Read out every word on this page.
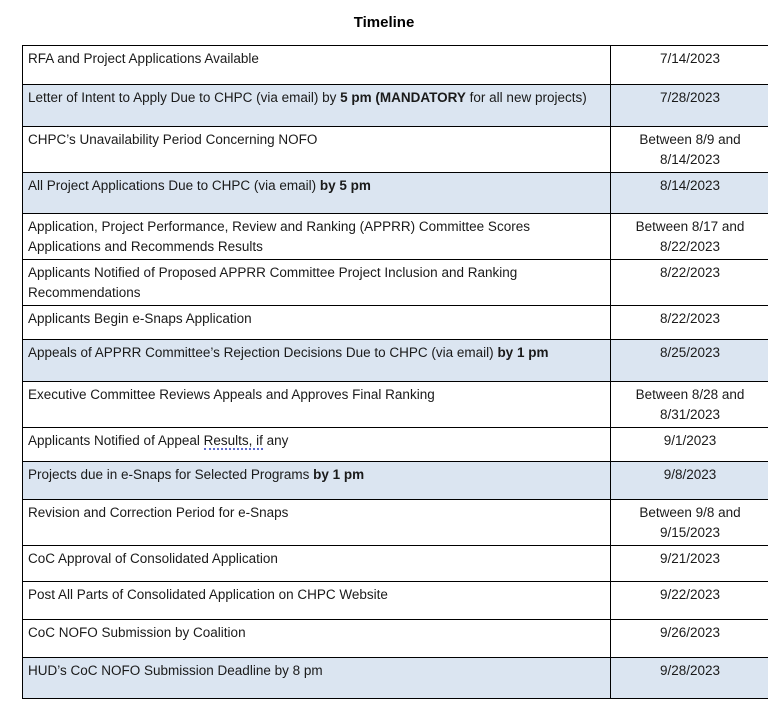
Timeline
RFA and Project Applications Available	7/14/2023

Letter of Intent to Apply Due to CHPC (via email) by 5 pm (MANDATORY for all new projects)	7/28/2023

CHPC’s Unavailability Period Concerning NOFO	Between 8/9 and
8/14/2023

All Project Applications Due to CHPC (via email) by 5 pm	8/14/2023

Application, Project Performance, Review and Ranking (APPRR) Committee Scores Applications and Recommends Results	Between 8/17 and
8/22/2023

Applicants Notified of Proposed APPRR Committee Project Inclusion and Ranking Recommendations	8/22/2023

Applicants Begin e-Snaps Application	8/22/2023

Appeals of APPRR Committee’s Rejection Decisions Due to CHPC (via email) by 1 pm	8/25/2023

Executive Committee Reviews Appeals and Approves Final Ranking	Between 8/28 and
8/31/2023

Applicants Notified of Appeal Results, if any	9/1/2023

Projects due in e-Snaps for Selected Programs by 1 pm	9/8/2023

Revision and Correction Period for e-Snaps	Between 9/8 and
9/15/2023

CoC Approval of Consolidated Application	9/21/2023

Post All Parts of Consolidated Application on CHPC Website	9/22/2023

CoC NOFO Submission by Coalition	9/26/2023

HUD’s CoC NOFO Submission Deadline by 8 pm	9/28/2023
